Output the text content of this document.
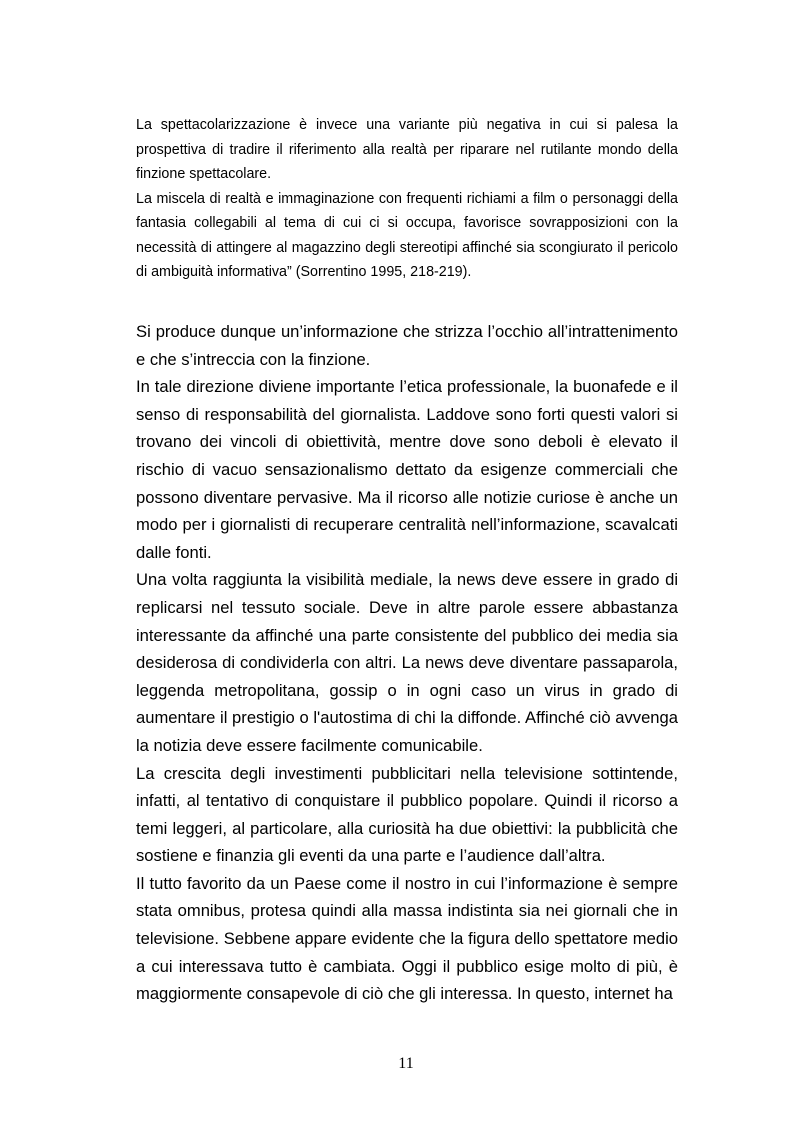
La spettacolarizzazione è invece una variante più negativa in cui si palesa la prospettiva di tradire il riferimento alla realtà per riparare nel rutilante mondo della finzione spettacolare.

La miscela di realtà e immaginazione con frequenti richiami a film o personaggi della fantasia collegabili al tema di cui ci si occupa, favorisce sovrapposizioni con la necessità di attingere al magazzino degli stereotipi affinché sia scongiurato il pericolo di ambiguità informativa” (Sorrentino 1995, 218-219).

Si produce dunque un’informazione che strizza l’occhio all’intrattenimento e che s’intreccia con la finzione.

In tale direzione diviene importante l’etica professionale, la buonafede e il senso di responsabilità del giornalista. Laddove sono forti questi valori si trovano dei vincoli di obiettività, mentre dove sono deboli è elevato il rischio di vacuo sensazionalismo dettato da esigenze commerciali che possono diventare pervasive. Ma il ricorso alle notizie curiose è anche un modo per i giornalisti di recuperare centralità nell’informazione, scavalcati dalle fonti.

Una volta raggiunta la visibilità mediale, la news deve essere in grado di replicarsi nel tessuto sociale. Deve in altre parole essere abbastanza interessante da affinché una parte consistente del pubblico dei media sia desiderosa di condividerla con altri. La news deve diventare passaparola, leggenda metropolitana, gossip o in ogni caso un virus in grado di aumentare il prestigio o l'autostima di chi la diffonde. Affinché ciò avvenga la notizia deve essere facilmente comunicabile.

La crescita degli investimenti pubblicitari nella televisione sottintende, infatti, al tentativo di conquistare il pubblico popolare. Quindi il ricorso a temi leggeri, al particolare, alla curiosità ha due obiettivi: la pubblicità che sostiene e finanzia gli eventi da una parte e l’audience dall’altra.

Il tutto favorito da un Paese come il nostro in cui l’informazione è sempre stata omnibus, protesa quindi alla massa indistinta sia nei giornali che in televisione. Sebbene appare evidente che la figura dello spettatore medio a cui interessava tutto è cambiata. Oggi il pubblico esige molto di più, è maggiormente consapevole di ciò che gli interessa. In questo, internet ha

11
